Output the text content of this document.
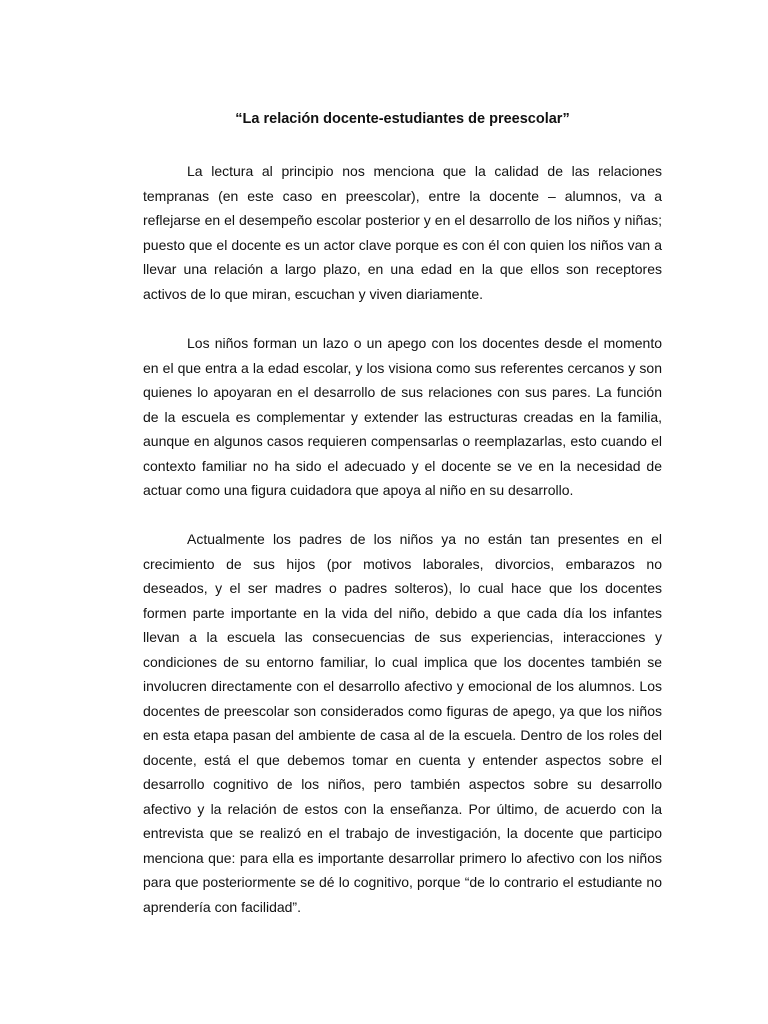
“La relación docente-estudiantes de preescolar”

La lectura al principio nos menciona que la calidad de las relaciones tempranas (en este caso en preescolar), entre la docente – alumnos, va a reflejarse en el desempeño escolar posterior y en el desarrollo de los niños y niñas; puesto que el docente es un actor clave porque es con él con quien los niños van a llevar una relación a largo plazo, en una edad en la que ellos son receptores activos de lo que miran, escuchan y viven diariamente.

Los niños forman un lazo o un apego con los docentes desde el momento en el que entra a la edad escolar, y los visiona como sus referentes cercanos y son quienes lo apoyaran en el desarrollo de sus relaciones con sus pares. La función de la escuela es complementar y extender las estructuras creadas en la familia, aunque en algunos casos requieren compensarlas o reemplazarlas, esto cuando el contexto familiar no ha sido el adecuado y el docente se ve en la necesidad de actuar como una figura cuidadora que apoya al niño en su desarrollo.

Actualmente los padres de los niños ya no están tan presentes en el crecimiento de sus hijos (por motivos laborales, divorcios, embarazos no deseados, y el ser madres o padres solteros), lo cual hace que los docentes formen parte importante en la vida del niño, debido a que cada día los infantes llevan a la escuela las consecuencias de sus experiencias, interacciones y condiciones de su entorno familiar, lo cual implica que los docentes también se involucren directamente con el desarrollo afectivo y emocional de los alumnos. Los docentes de preescolar son considerados como figuras de apego, ya que los niños en esta etapa pasan del ambiente de casa al de la escuela. Dentro de los roles del docente, está el que debemos tomar en cuenta y entender aspectos sobre el desarrollo cognitivo de los niños, pero también aspectos sobre su desarrollo afectivo y la relación de estos con la enseñanza. Por último, de acuerdo con la entrevista que se realizó en el trabajo de investigación, la docente que participo menciona que: para ella es importante desarrollar primero lo afectivo con los niños para que posteriormente se dé lo cognitivo, porque “de lo contrario el estudiante no aprendería con facilidad”.
